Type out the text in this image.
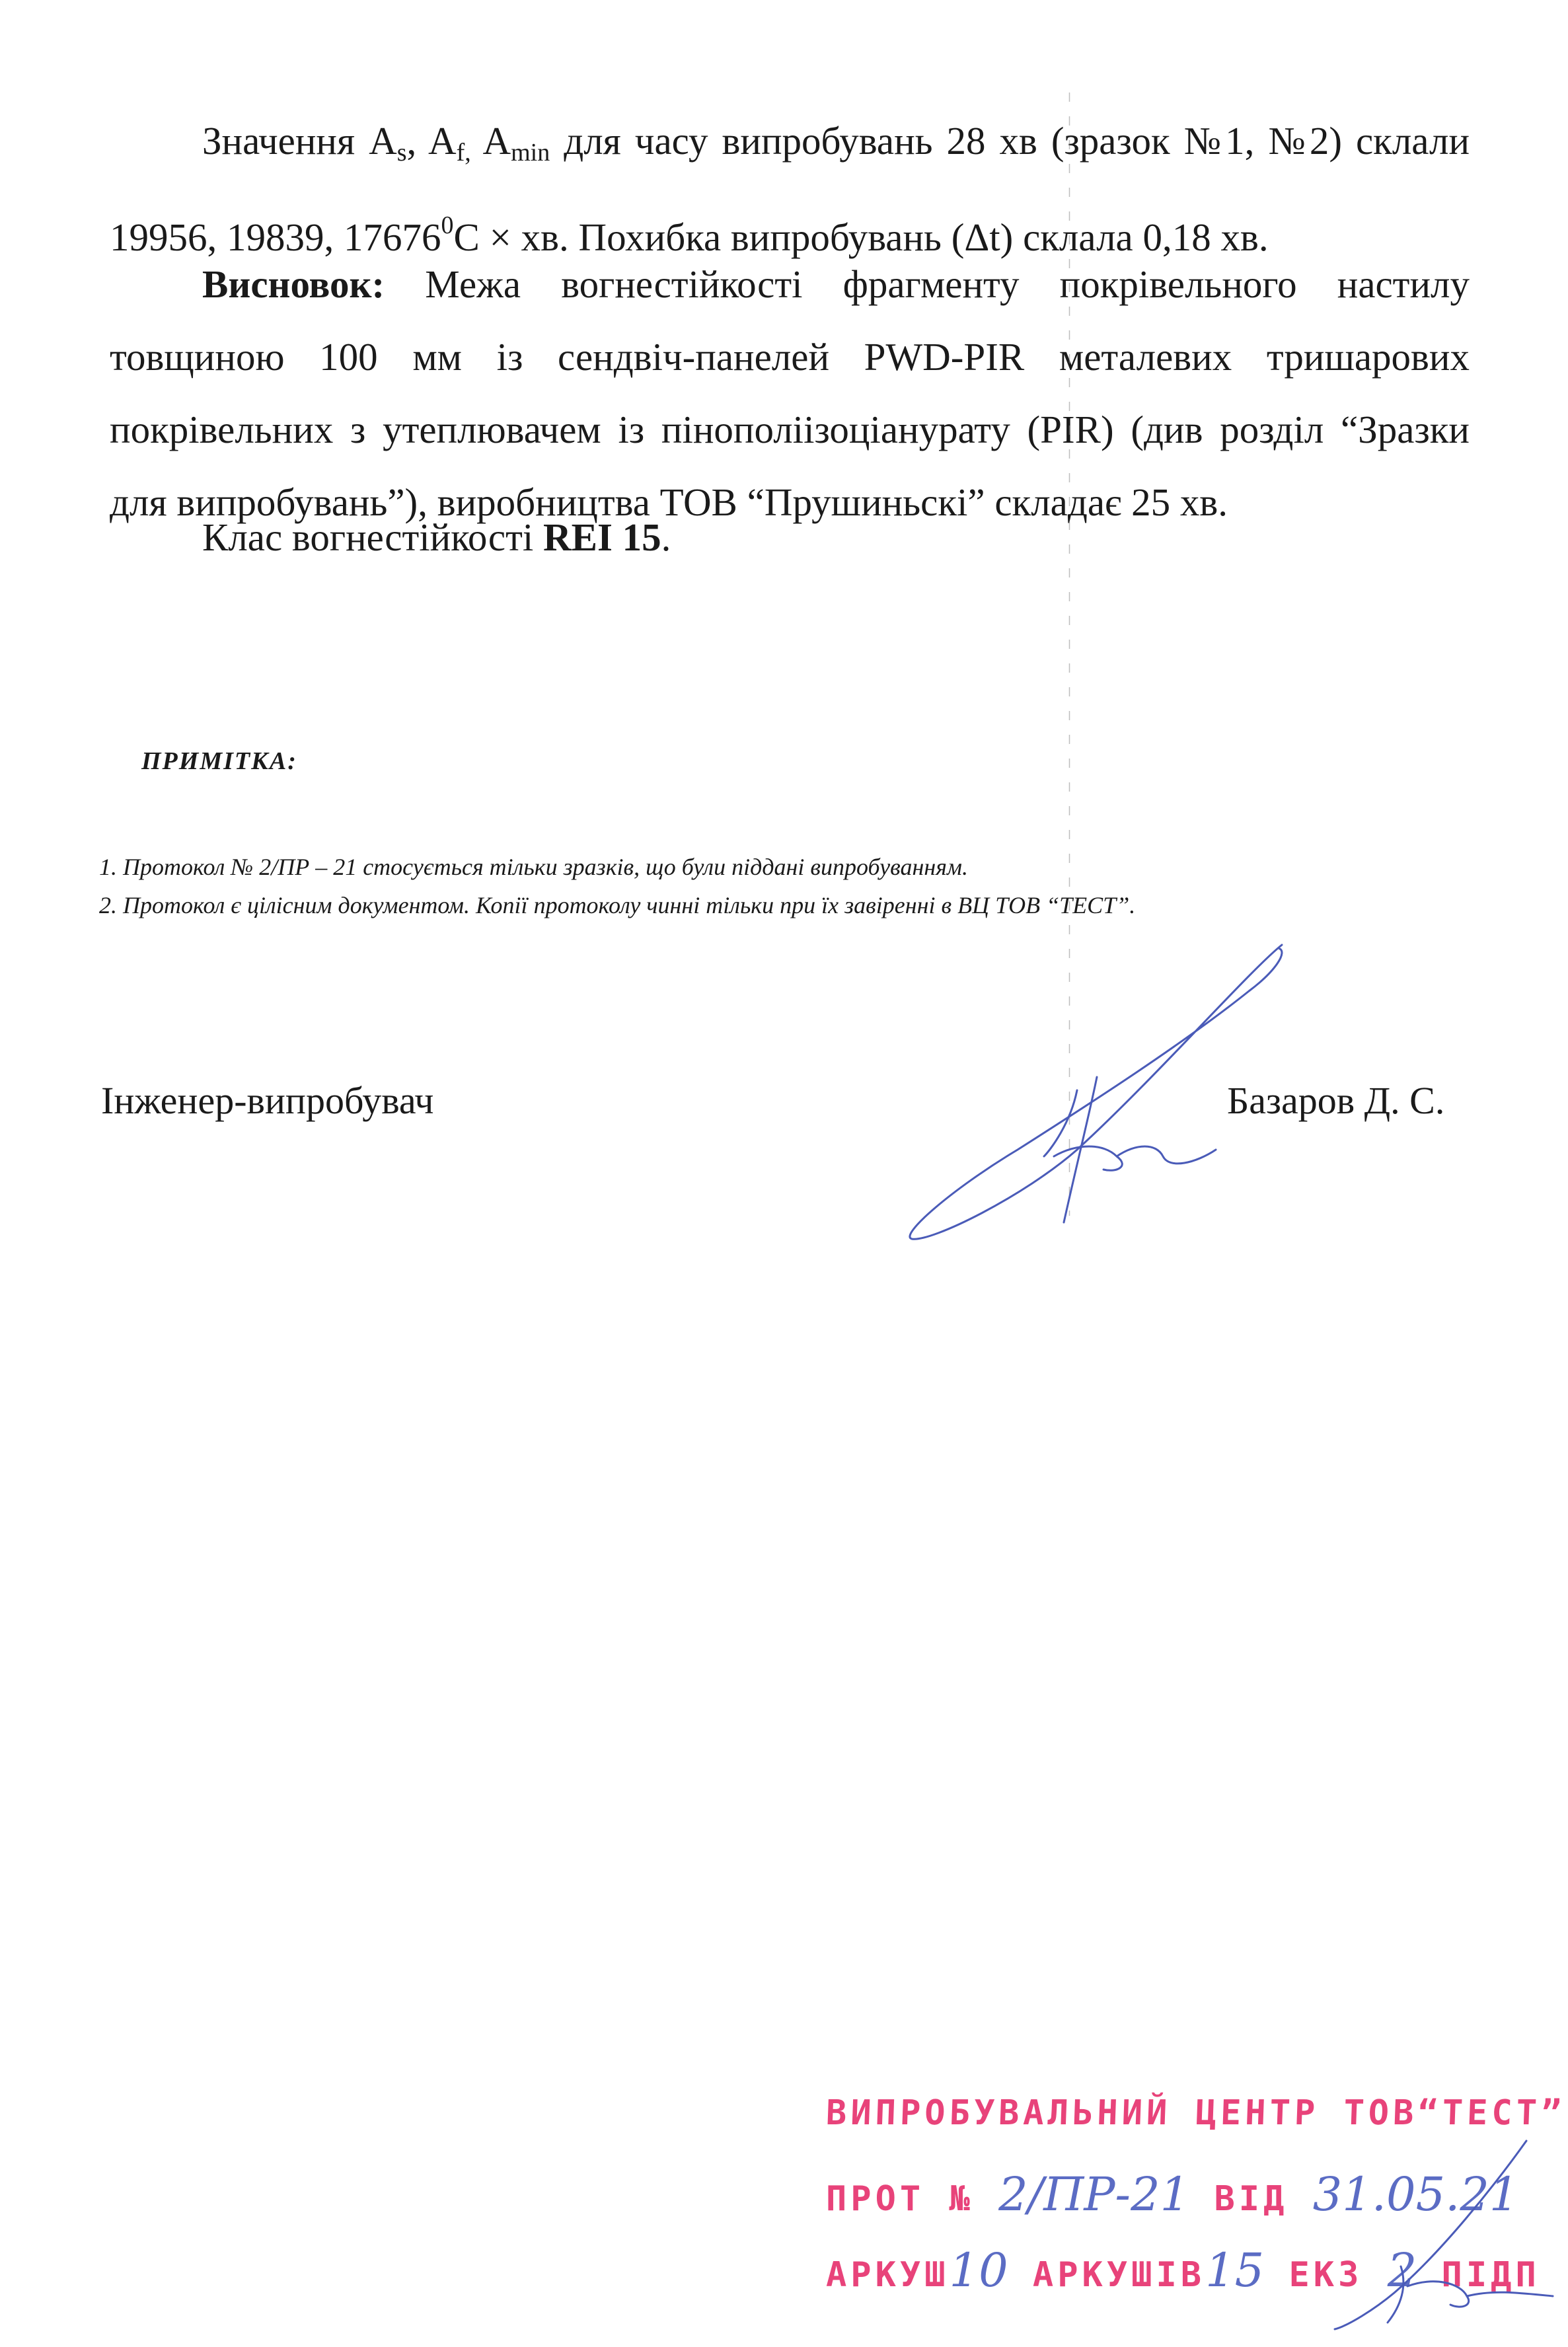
Значення $A_s$, $A_{f,}$ $A_{min}$ для часу випробувань 28 хв (зразок №1, №2) склали 19956, 19839, $17676^0C$ × хв. Похибка випробувань (Δt) склала 0,18 хв.

Висновок: Межа вогнестійкості фрагменту покрівельного настилу товщиною 100 мм із сендвіч-панелей PWD-PIR металевих тришарових покрівельних з утеплювачем із пінополіізоціанурату (PIR) (див розділ “Зразки для випробувань”), виробництва ТОВ “Прушиньскі” складає 25 хв.

Клас вогнестійкості REI 15.

ПРИМІТКА:
1. Протокол № 2/ПР – 21 стосується тільки зразків, що були піддані випробуванням.
2. Протокол є цілісним документом. Копії протоколу чинні тільки при їх завіренні в ВЦ ТОВ “ТЕСТ”.
Інженер-випробувач	Базаров Д. С.
ВИПРОБУВАЛЬНИЙ ЦЕНТР ТОВ“ТЕСТ”
ПРОТ № 2/ПР-21 ВІД 31.05.21
АРКУШ10 АРКУШІВ15 ЕКЗ 2 ПІДП
